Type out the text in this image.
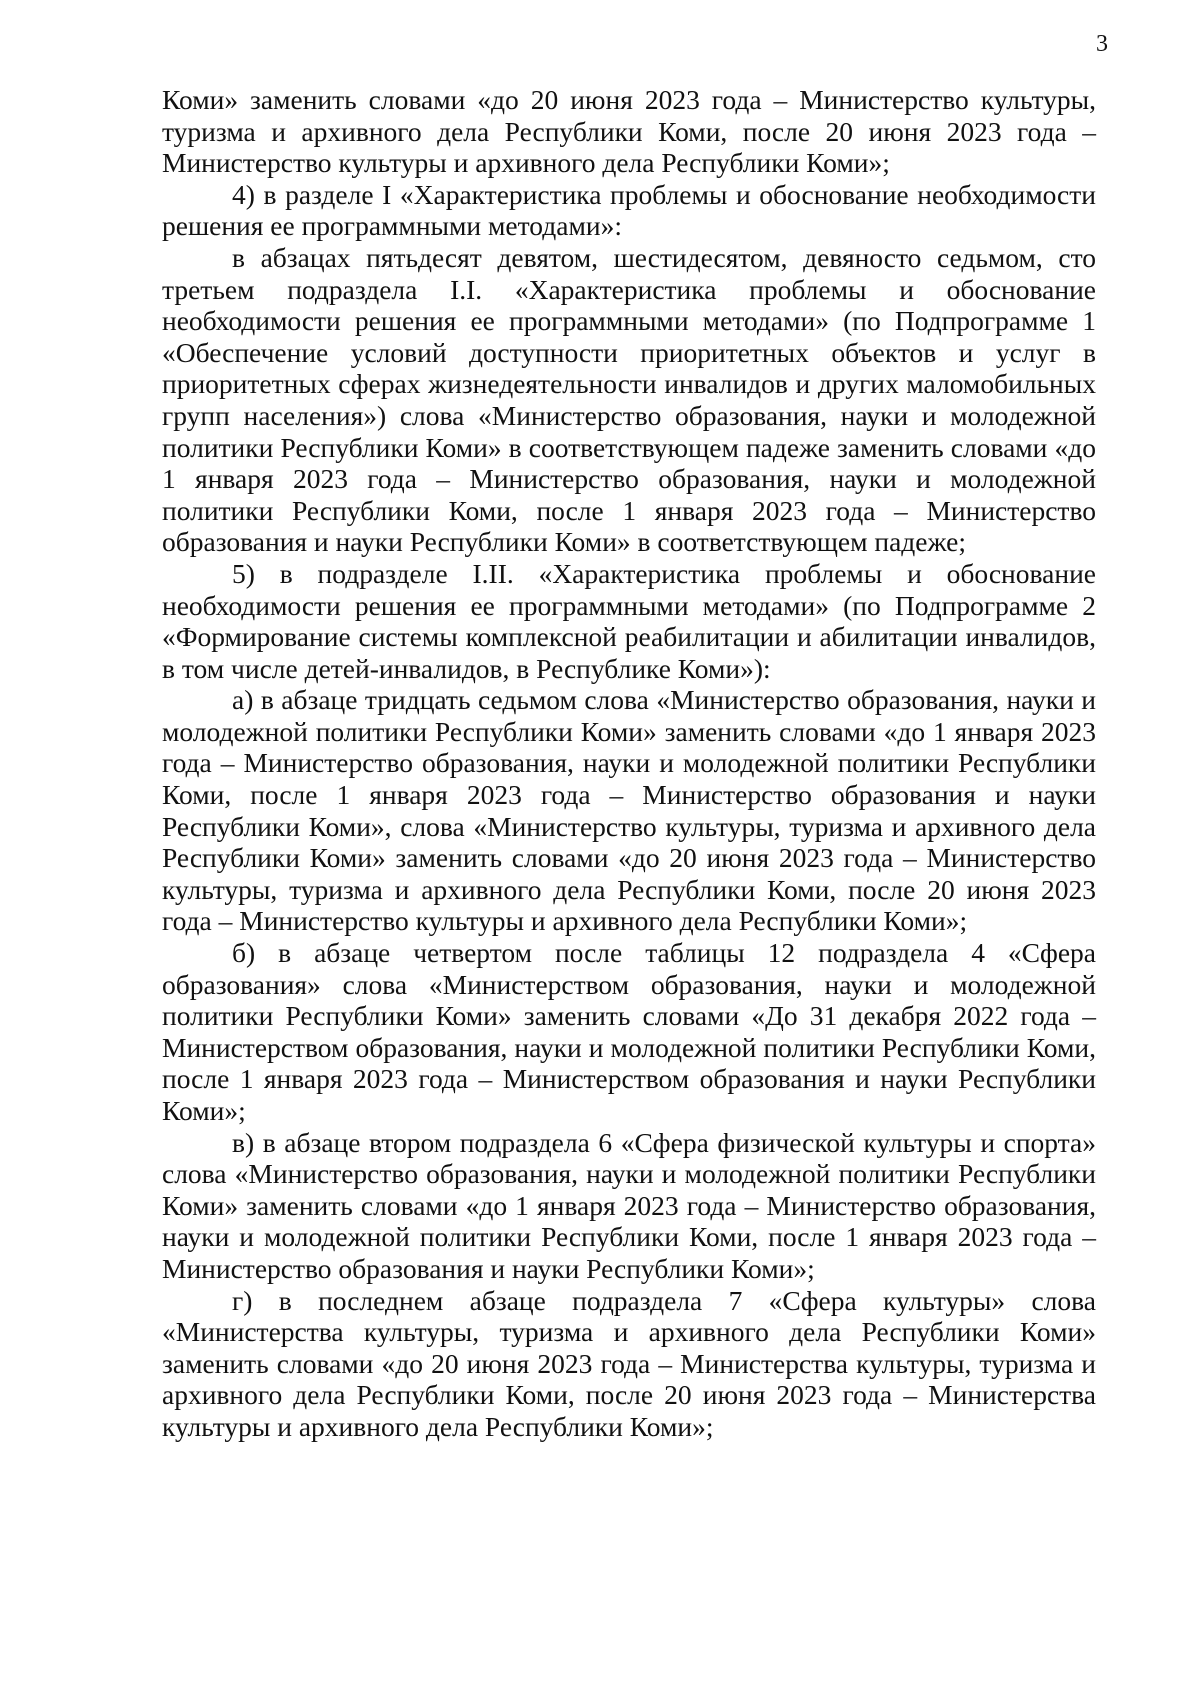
3

Коми» заменить словами «до 20 июня 2023 года – Министерство культуры, туризма и архивного дела Республики Коми, после 20 июня 2023 года – Министерство культуры и архивного дела Республики Коми»;

4) в разделе I «Характеристика проблемы и обоснование необходимости решения ее программными методами»:

в абзацах пятьдесят девятом, шестидесятом, девяносто седьмом, сто третьем подраздела I.I. «Характеристика проблемы и обоснование необходимости решения ее программными методами» (по Подпрограмме 1 «Обеспечение условий доступности приоритетных объектов и услуг в приоритетных сферах жизнедеятельности инвалидов и других маломобильных групп населения») слова «Министерство образования, науки и молодежной политики Республики Коми» в соответствующем падеже заменить словами «до 1 января 2023 года – Министерство образования, науки и молодежной политики Республики Коми, после 1 января 2023 года – Министерство образования и науки Республики Коми» в соответствующем падеже;

5) в подразделе I.II. «Характеристика проблемы и обоснование необходимости решения ее программными методами» (по Подпрограмме 2 «Формирование системы комплексной реабилитации и абилитации инвалидов, в том числе детей-инвалидов, в Республике Коми»):

а) в абзаце тридцать седьмом слова «Министерство образования, науки и молодежной политики Республики Коми» заменить словами «до 1 января 2023 года – Министерство образования, науки и молодежной политики Республики Коми, после 1 января 2023 года – Министерство образования и науки Республики Коми», слова «Министерство культуры, туризма и архивного дела Республики Коми» заменить словами «до 20 июня 2023 года – Министерство культуры, туризма и архивного дела Республики Коми, после 20 июня 2023 года – Министерство культуры и архивного дела Республики Коми»;

б) в абзаце четвертом после таблицы 12 подраздела 4 «Сфера образования» слова «Министерством образования, науки и молодежной политики Республики Коми» заменить словами «До 31 декабря 2022 года – Министерством образования, науки и молодежной политики Республики Коми, после 1 января 2023 года – Министерством образования и науки Республики Коми»;

в) в абзаце втором подраздела 6 «Сфера физической культуры и спорта» слова «Министерство образования, науки и молодежной политики Республики Коми» заменить словами «до 1 января 2023 года – Министерство образования, науки и молодежной политики Республики Коми, после 1 января 2023 года – Министерство образования и науки Республики Коми»;

г) в последнем абзаце подраздела 7 «Сфера культуры» слова «Министерства культуры, туризма и архивного дела Республики Коми» заменить словами «до 20 июня 2023 года – Министерства культуры, туризма и архивного дела Республики Коми, после 20 июня 2023 года – Министерства культуры и архивного дела Республики Коми»;
